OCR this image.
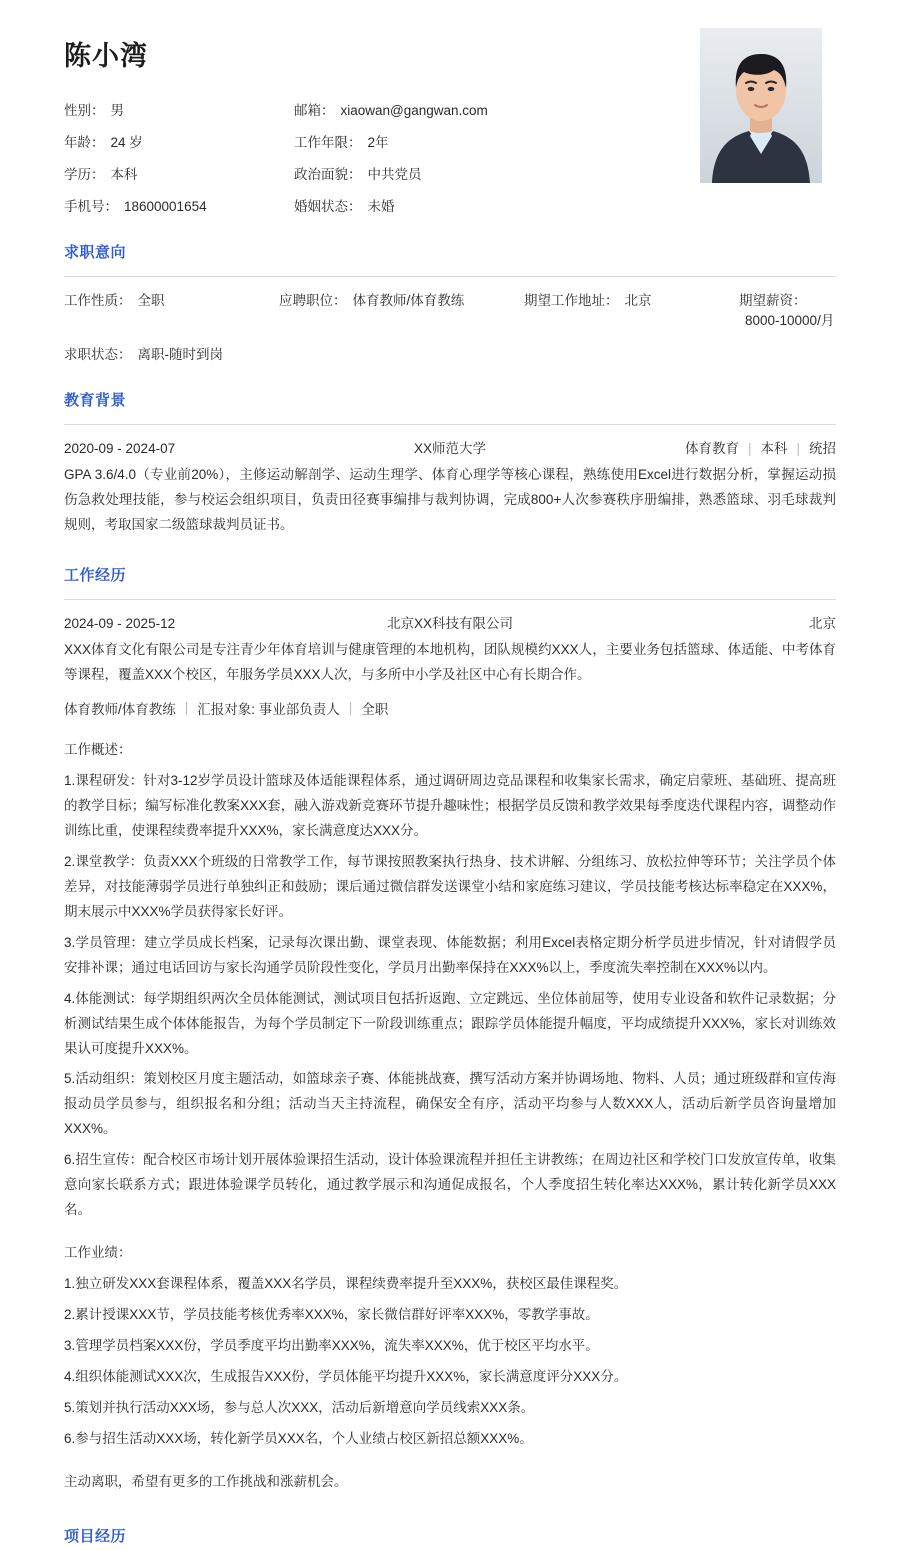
陈小湾
性别： 男	邮箱： xiaowan@gangwan.com
年龄： 24 岁	工作年限： 2年
学历： 本科	政治面貌： 中共党员
手机号： 18600001654	婚姻状态： 未婚
求职意向
工作性质： 全职	应聘职位： 体育教师/体育教练	期望工作地址： 北京	期望薪资：8000-10000/月
求职状态： 离职-随时到岗
教育背景
2020-09 - 2024-07	XX师范大学	体育教育 | 本科 | 统招

GPA 3.6/4.0（专业前20%），主修运动解剖学、运动生理学、体育心理学等核心课程，熟练使用Excel进行数据分析，掌握运动损伤急救处理技能，参与校运会组织项目，负责田径赛事编排与裁判协调，完成800+人次参赛秩序册编排，熟悉篮球、羽毛球裁判规则，考取国家二级篮球裁判员证书。

工作经历
2024-09 - 2025-12	北京XX科技有限公司	北京

XXX体育文化有限公司是专注青少年体育培训与健康管理的本地机构，团队规模约XXX人，主要业务包括篮球、体适能、中考体育等课程，覆盖XXX个校区，年服务学员XXX人次，与多所中小学及社区中心有长期合作。

体育教师/体育教练 | 汇报对象: 事业部负责人 | 全职

工作概述：

1.课程研发：针对3-12岁学员设计篮球及体适能课程体系，通过调研周边竞品课程和收集家长需求，确定启蒙班、基础班、提高班的教学目标；编写标准化教案XXX套，融入游戏新竞赛环节提升趣味性；根据学员反馈和教学效果每季度迭代课程内容，调整动作训练比重，使课程续费率提升XXX%，家长满意度达XXX分。

2.课堂教学：负责XXX个班级的日常教学工作，每节课按照教案执行热身、技术讲解、分组练习、放松拉伸等环节；关注学员个体差异，对技能薄弱学员进行单独纠正和鼓励；课后通过微信群发送课堂小结和家庭练习建议，学员技能考核达标率稳定在XXX%，期末展示中XXX%学员获得家长好评。

3.学员管理：建立学员成长档案，记录每次课出勤、课堂表现、体能数据；利用Excel表格定期分析学员进步情况，针对请假学员安排补课；通过电话回访与家长沟通学员阶段性变化，学员月出勤率保持在XXX%以上，季度流失率控制在XXX%以内。

4.体能测试：每学期组织两次全员体能测试，测试项目包括折返跑、立定跳远、坐位体前屈等，使用专业设备和软件记录数据；分析测试结果生成个体体能报告，为每个学员制定下一阶段训练重点；跟踪学员体能提升幅度，平均成绩提升XXX%，家长对训练效果认可度提升XXX%。

5.活动组织：策划校区月度主题活动，如篮球亲子赛、体能挑战赛，撰写活动方案并协调场地、物料、人员；通过班级群和宣传海报动员学员参与，组织报名和分组；活动当天主持流程，确保安全有序，活动平均参与人数XXX人，活动后新学员咨询量增加XXX%。

6.招生宣传：配合校区市场计划开展体验课招生活动，设计体验课流程并担任主讲教练；在周边社区和学校门口发放宣传单，收集意向家长联系方式；跟进体验课学员转化，通过教学展示和沟通促成报名，个人季度招生转化率达XXX%，累计转化新学员XXX名。

工作业绩：

1.独立研发XXX套课程体系，覆盖XXX名学员，课程续费率提升至XXX%，获校区最佳课程奖。

2.累计授课XXX节，学员技能考核优秀率XXX%，家长微信群好评率XXX%，零教学事故。

3.管理学员档案XXX份，学员季度平均出勤率XXX%，流失率XXX%，优于校区平均水平。

4.组织体能测试XXX次，生成报告XXX份，学员体能平均提升XXX%，家长满意度评分XXX分。

5.策划并执行活动XXX场，参与总人次XXX，活动后新增意向学员线索XXX条。

6.参与招生活动XXX场，转化新学员XXX名，个人业绩占校区新招总额XXX%。

主动离职，希望有更多的工作挑战和涨薪机会。

项目经历
